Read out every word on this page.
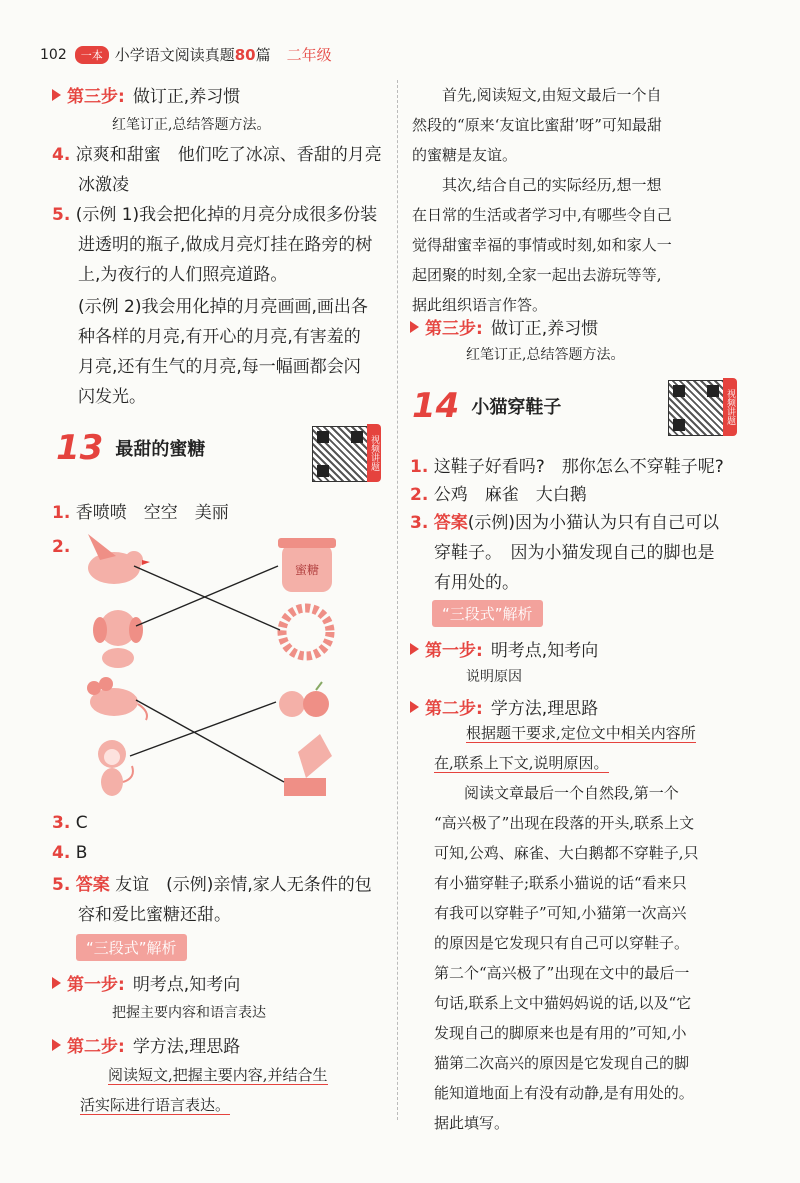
102	一本 小学语文阅读真题80篇 二年级
第三步: 做订正,养习惯
红笔订正,总结答题方法。
4. 凉爽和甜蜜　他们吃了冰凉、香甜的月亮
冰激凌
5. (示例 1)我会把化掉的月亮分成很多份装
进透明的瓶子,做成月亮灯挂在路旁的树
上,为夜行的人们照亮道路。
(示例 2)我会用化掉的月亮画画,画出各
种各样的月亮,有开心的月亮,有害羞的
月亮,还有生气的月亮,每一幅画都会闪
闪发光。
13 最甜的蜜糖	视频讲题
1. 香喷喷　空空　美丽
2.
蜜糖
3. C
4. B
5. 答案 友谊　(示例)亲情,家人无条件的包
容和爱比蜜糖还甜。
“三段式”解析
第一步: 明考点,知考向
把握主要内容和语言表达
第二步: 学方法,理思路
阅读短文,把握主要内容,并结合生
活实际进行语言表达。
首先,阅读短文,由短文最后一个自
然段的“原来‘友谊比蜜甜’呀”可知最甜
的蜜糖是友谊。
其次,结合自己的实际经历,想一想
在日常的生活或者学习中,有哪些令自己
觉得甜蜜幸福的事情或时刻,如和家人一
起团聚的时刻,全家一起出去游玩等等,
据此组织语言作答。
第三步: 做订正,养习惯
红笔订正,总结答题方法。
14 小猫穿鞋子	视频讲题
1. 这鞋子好看吗?　那你怎么不穿鞋子呢?
2. 公鸡　麻雀　大白鹅
3. 答案(示例)因为小猫认为只有自己可以
穿鞋子。　因为小猫发现自己的脚也是
有用处的。
“三段式”解析
第一步: 明考点,知考向
说明原因
第二步: 学方法,理思路
根据题干要求,定位文中相关内容所
在,联系上下文,说明原因。
阅读文章最后一个自然段,第一个
“高兴极了”出现在段落的开头,联系上文
可知,公鸡、麻雀、大白鹅都不穿鞋子,只
有小猫穿鞋子;联系小猫说的话“看来只
有我可以穿鞋子”可知,小猫第一次高兴
的原因是它发现只有自己可以穿鞋子。
第二个“高兴极了”出现在文中的最后一
句话,联系上文中猫妈妈说的话,以及“它
发现自己的脚原来也是有用的”可知,小
猫第二次高兴的原因是它发现自己的脚
能知道地面上有没有动静,是有用处的。
据此填写。
